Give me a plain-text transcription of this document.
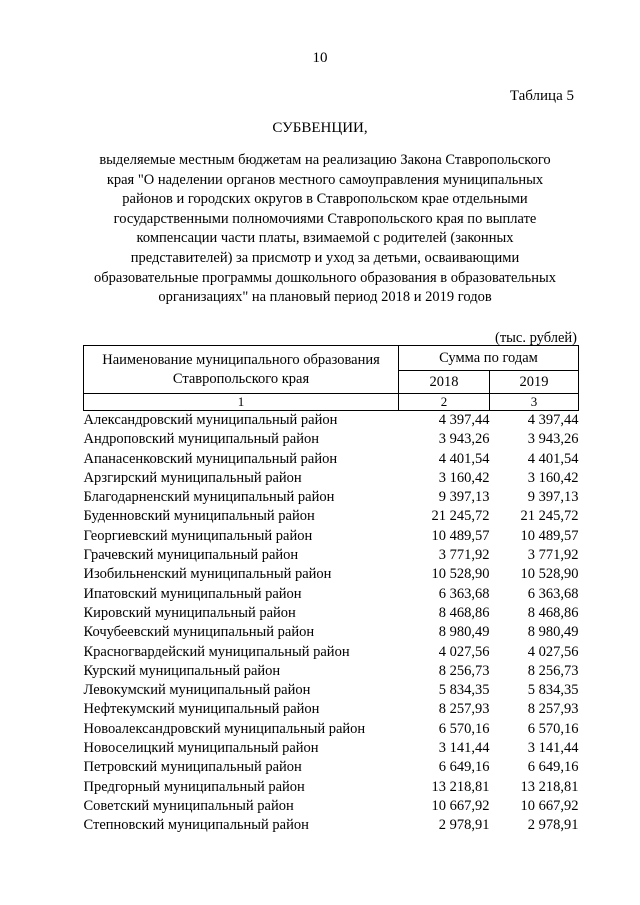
10
Таблица 5
СУБВЕНЦИИ,
выделяемые местным бюджетам на реализацию Закона Ставропольского
края "О наделении органов местного самоуправления муниципальных
районов и городских округов в Ставропольском крае отдельными
государственными полномочиями Ставропольского края по выплате
компенсации части платы, взимаемой с родителей (законных
представителей) за присмотр и уход за детьми, осваивающими
образовательные программы дошкольного образования в образовательных
организациях" на плановый период 2018 и 2019 годов
(тыс. рублей)
Наименование муниципального образования Ставропольского края	Сумма по годам	
	2018	2019
1	2	3
Александровский муниципальный район	4 397,44	4 397,44
Андроповский муниципальный район	3 943,26	3 943,26
Апанасенковский муниципальный район	4 401,54	4 401,54
Арзгирский муниципальный район	3 160,42	3 160,42
Благодарненский муниципальный район	9 397,13	9 397,13
Буденновский муниципальный район	21 245,72	21 245,72
Георгиевский муниципальный район	10 489,57	10 489,57
Грачевский муниципальный район	3 771,92	3 771,92
Изобильненский муниципальный район	10 528,90	10 528,90
Ипатовский муниципальный район	6 363,68	6 363,68
Кировский муниципальный район	8 468,86	8 468,86
Кочубеевский муниципальный район	8 980,49	8 980,49
Красногвардейский муниципальный район	4 027,56	4 027,56
Курский муниципальный район	8 256,73	8 256,73
Левокумский муниципальный район	5 834,35	5 834,35
Нефтекумский муниципальный район	8 257,93	8 257,93
Новоалександровский муниципальный район	6 570,16	6 570,16
Новоселицкий муниципальный район	3 141,44	3 141,44
Петровский муниципальный район	6 649,16	6 649,16
Предгорный муниципальный район	13 218,81	13 218,81
Советский муниципальный район	10 667,92	10 667,92
Степновский муниципальный район	2 978,91	2 978,91
